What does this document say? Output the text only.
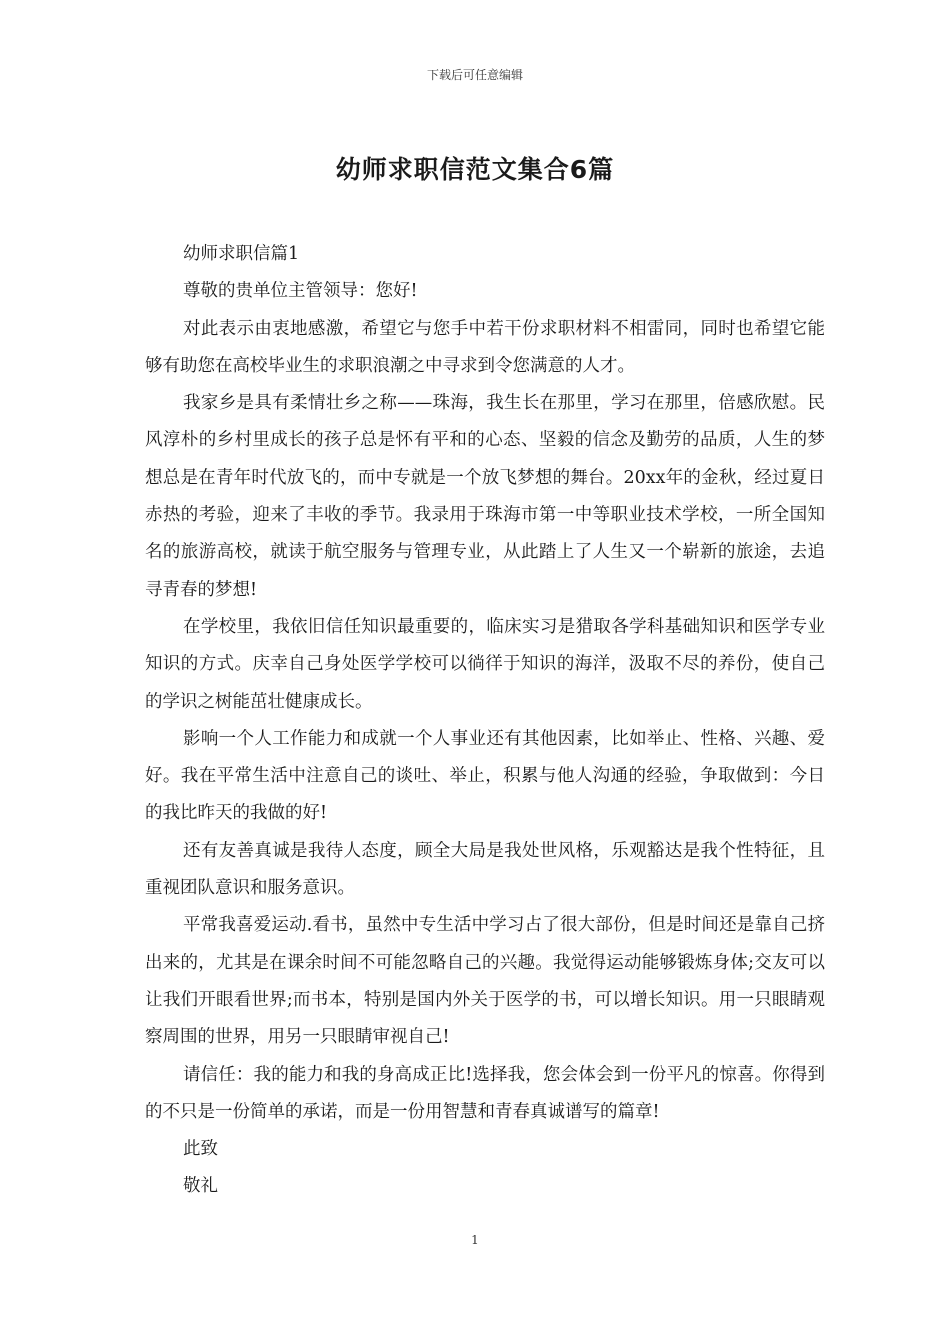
下载后可任意编辑
幼师求职信范文集合6篇

幼师求职信篇1

尊敬的贵单位主管领导：您好!

对此表示由衷地感激，希望它与您手中若干份求职材料不相雷同，同时也希望它能够有助您在高校毕业生的求职浪潮之中寻求到令您满意的人才。

我家乡是具有柔情壮乡之称——珠海，我生长在那里，学习在那里，倍感欣慰。民风淳朴的乡村里成长的孩子总是怀有平和的心态、坚毅的信念及勤劳的品质，人生的梦想总是在青年时代放飞的，而中专就是一个放飞梦想的舞台。20xx年的金秋，经过夏日赤热的考验，迎来了丰收的季节。我录用于珠海市第一中等职业技术学校，一所全国知名的旅游高校，就读于航空服务与管理专业，从此踏上了人生又一个崭新的旅途，去追寻青春的梦想!

在学校里，我依旧信任知识最重要的，临床实习是猎取各学科基础知识和医学专业知识的方式。庆幸自己身处医学学校可以徜徉于知识的海洋，汲取不尽的养份，使自己的学识之树能茁壮健康成长。

影响一个人工作能力和成就一个人事业还有其他因素，比如举止、性格、兴趣、爱好。我在平常生活中注意自己的谈吐、举止，积累与他人沟通的经验，争取做到：今日的我比昨天的我做的好!

还有友善真诚是我待人态度，顾全大局是我处世风格，乐观豁达是我个性特征，且重视团队意识和服务意识。

平常我喜爱运动.看书，虽然中专生活中学习占了很大部份，但是时间还是靠自己挤出来的，尤其是在课余时间不可能忽略自己的兴趣。我觉得运动能够锻炼身体;交友可以让我们开眼看世界;而书本，特别是国内外关于医学的书，可以增长知识。用一只眼睛观察周围的世界，用另一只眼睛审视自己!

请信任：我的能力和我的身高成正比!选择我，您会体会到一份平凡的惊喜。你得到的不只是一份简单的承诺，而是一份用智慧和青春真诚谱写的篇章!

此致

敬礼

1
